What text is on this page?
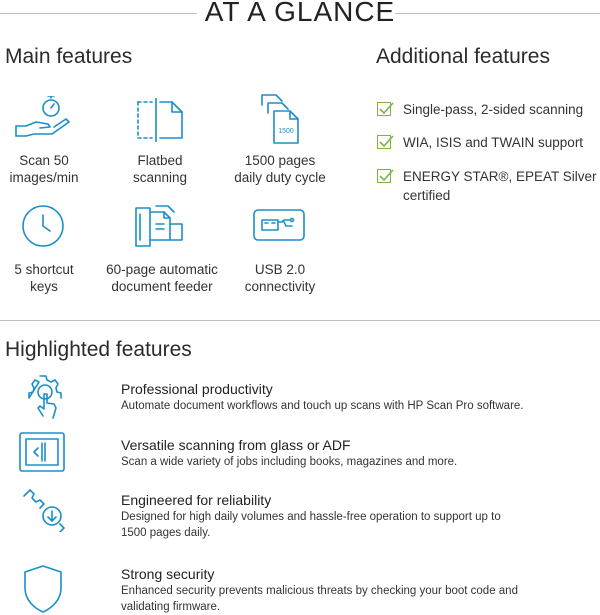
AT A GLANCE
Main features
Scan 50
images/min
Flatbed
scanning
1500
1500 pages
daily duty cycle
5 shortcut
keys
60-page automatic
document feeder
USB 2.0
connectivity
Additional features
Single-pass, 2-sided scanning
WIA, ISIS and TWAIN support
ENERGY STAR®, EPEAT Silver
certified
Highlighted features
Professional productivity
Automate document workflows and touch up scans with HP Scan Pro software.
Versatile scanning from glass or ADF
Scan a wide variety of jobs including books, magazines and more.
Engineered for reliability
Designed for high daily volumes and hassle-free operation to support up to
1500 pages daily.
Strong security
Enhanced security prevents malicious threats by checking your boot code and
validating firmware.
